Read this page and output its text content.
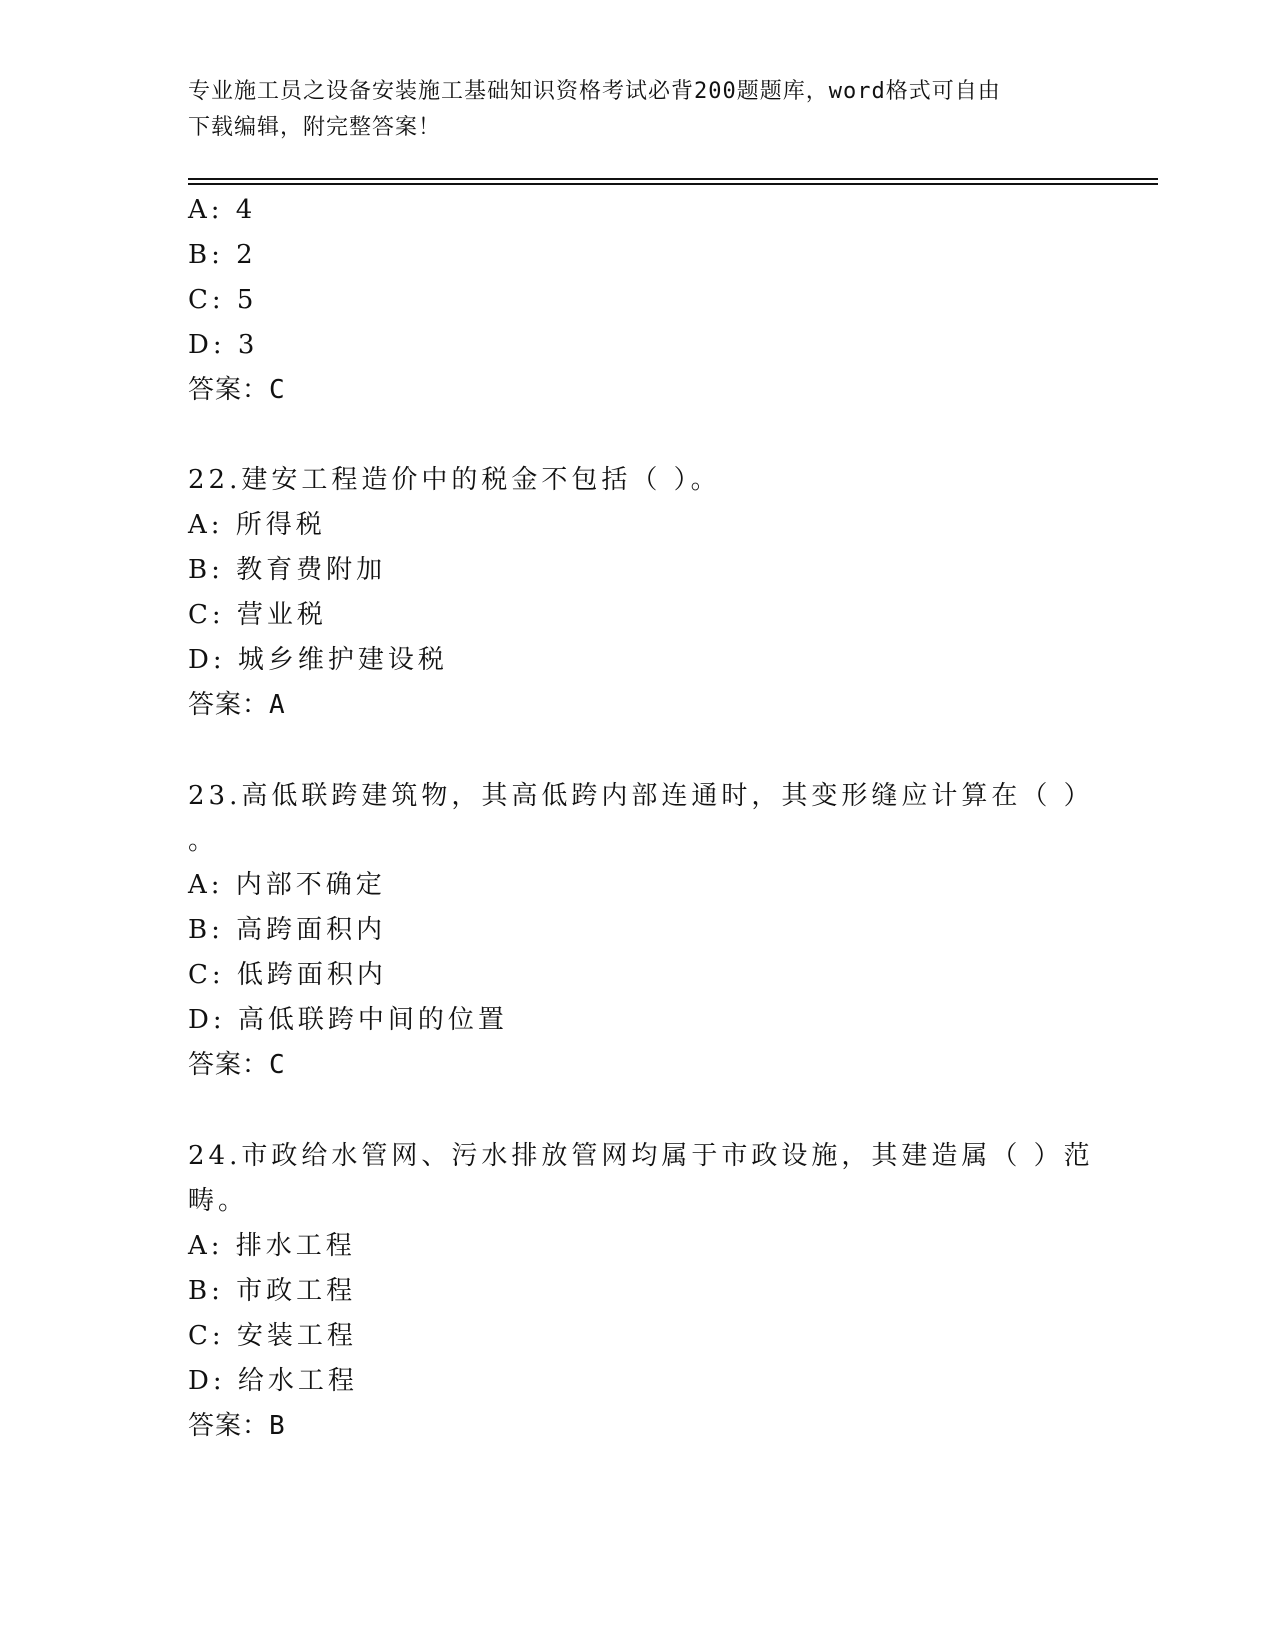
专业施工员之设备安装施工基础知识资格考试必背200题题库，word格式可自由
下载编辑，附完整答案！
A: 4
B: 2
C: 5
D: 3
答案：C
22.建安工程造价中的税金不包括（ ）。
A: 所得税
B: 教育费附加
C: 营业税
D: 城乡维护建设税
答案：A
23.高低联跨建筑物，其高低跨内部连通时，其变形缝应计算在（ ）
。
A: 内部不确定
B: 高跨面积内
C: 低跨面积内
D: 高低联跨中间的位置
答案：C
24.市政给水管网、污水排放管网均属于市政设施，其建造属（ ）范
畴。
A: 排水工程
B: 市政工程
C: 安装工程
D: 给水工程
答案：B
